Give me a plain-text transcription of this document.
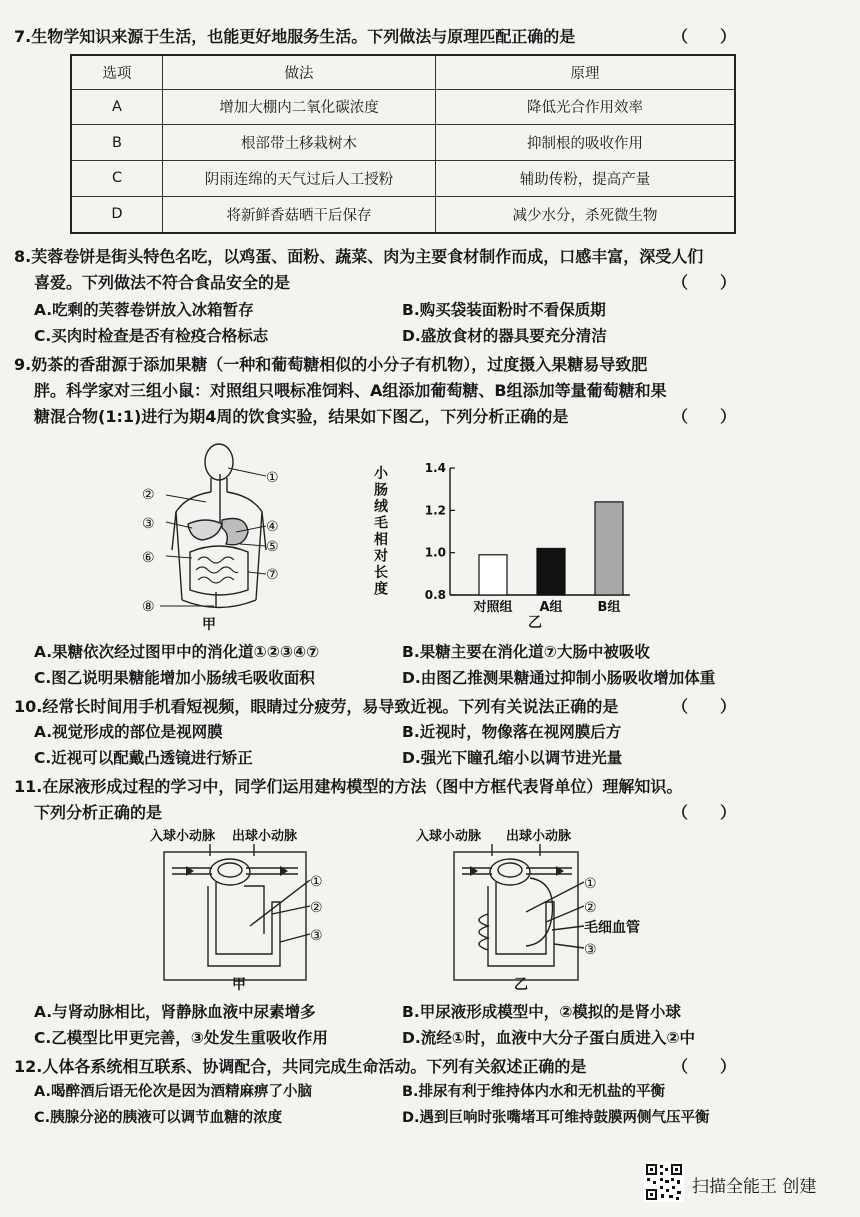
7.生物学知识来源于生活，也能更好地服务生活。下列做法与原理匹配正确的是	（　　）
选项	做法	原理
A	增加大棚内二氧化碳浓度	降低光合作用效率
B	根部带土移栽树木	抑制根的吸收作用
C	阴雨连绵的天气过后人工授粉	辅助传粉，提高产量
D	将新鲜香菇晒干后保存	减少水分，杀死微生物
8.芙蓉卷饼是街头特色名吃，以鸡蛋、面粉、蔬菜、肉为主要食材制作而成，口感丰富，深受人们
喜爱。下列做法不符合食品安全的是	（　　）
A.吃剩的芙蓉卷饼放入冰箱暂存	B.购买袋装面粉时不看保质期
C.买肉时检查是否有检疫合格标志	D.盛放食材的器具要充分清洁
9.奶茶的香甜源于添加果糖（一种和葡萄糖相似的小分子有机物），过度摄入果糖易导致肥
胖。科学家对三组小鼠：对照组只喂标准饲料、A组添加葡萄糖、B组添加等量葡萄糖和果
糖混合物(1:1)进行为期4周的饮食实验，结果如下图乙，下列分析正确的是	（　　）
①
②
③	④
⑤
⑥
⑦
⑧
甲
小
肠
绒
毛
相
对
长
度	0.8
1.0
1.2
1.4
对照组 A组	B组
乙
A.果糖依次经过图甲中的消化道①②③④⑦	B.果糖主要在消化道⑦大肠中被吸收
C.图乙说明果糖能增加小肠绒毛吸收面积	D.由图乙推测果糖通过抑制小肠吸收增加体重
10.经常长时间用手机看短视频，眼睛过分疲劳，易导致近视。下列有关说法正确的是	（　　）
A.视觉形成的部位是视网膜	B.近视时，物像落在视网膜后方
C.近视可以配戴凸透镜进行矫正	D.强光下瞳孔缩小以调节进光量
11.在尿液形成过程的学习中，同学们运用建构模型的方法（图中方框代表肾单位）理解知识。
下列分析正确的是	（　　）
入球小动脉 出球小动脉
①
②
③
甲
入球小动脉 出球小动脉
①
②
毛细血管
③
乙
A.与肾动脉相比，肾静脉血液中尿素增多	B.甲尿液形成模型中，②模拟的是肾小球
C.乙模型比甲更完善，③处发生重吸收作用	D.流经①时，血液中大分子蛋白质进入②中
12.人体各系统相互联系、协调配合，共同完成生命活动。下列有关叙述正确的是	（　　）
A.喝醉酒后语无伦次是因为酒精麻痹了小脑	B.排尿有利于维持体内水和无机盐的平衡
C.胰腺分泌的胰液可以调节血糖的浓度	D.遇到巨响时张嘴堵耳可维持鼓膜两侧气压平衡
扫描全能王 创建
